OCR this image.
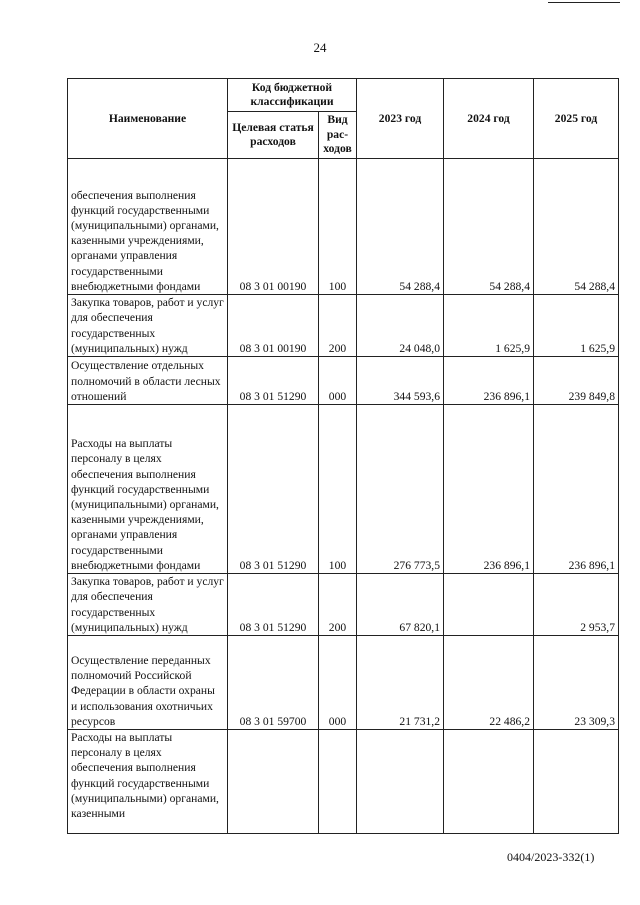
24
Наименование	Код бюджетной классификации		2023 год	2024 год	2025 год
	Целевая статья расходов	Вид рас-ходов			
обеспечения выполнения функций государственными (муниципальными) органами, казенными учреждениями, органами управления государственными внебюджетными фондами	08 3 01 00190	100	54 288,4	54 288,4	54 288,4
Закупка товаров, работ и услуг для обеспечения государственных (муниципальных) нужд	08 3 01 00190	200	24 048,0	1 625,9	1 625,9
Осуществление отдельных полномочий в области лесных отношений	08 3 01 51290	000	344 593,6	236 896,1	239 849,8
Расходы на выплаты персоналу в целях обеспечения выполнения функций государственными (муниципальными) органами, казенными учреждениями, органами управления государственными внебюджетными фондами	08 3 01 51290	100	276 773,5	236 896,1	236 896,1
Закупка товаров, работ и услуг для обеспечения государственных (муниципальных) нужд	08 3 01 51290	200	67 820,1		2 953,7
Осуществление переданных полномочий Российской Федерации в области охраны и использования охотничьих ресурсов	08 3 01 59700	000	21 731,2	22 486,2	23 309,3
Расходы на выплаты персоналу в целях обеспечения выполнения функций государственными (муниципальными) органами, казенными					
0404/2023-332(1)
